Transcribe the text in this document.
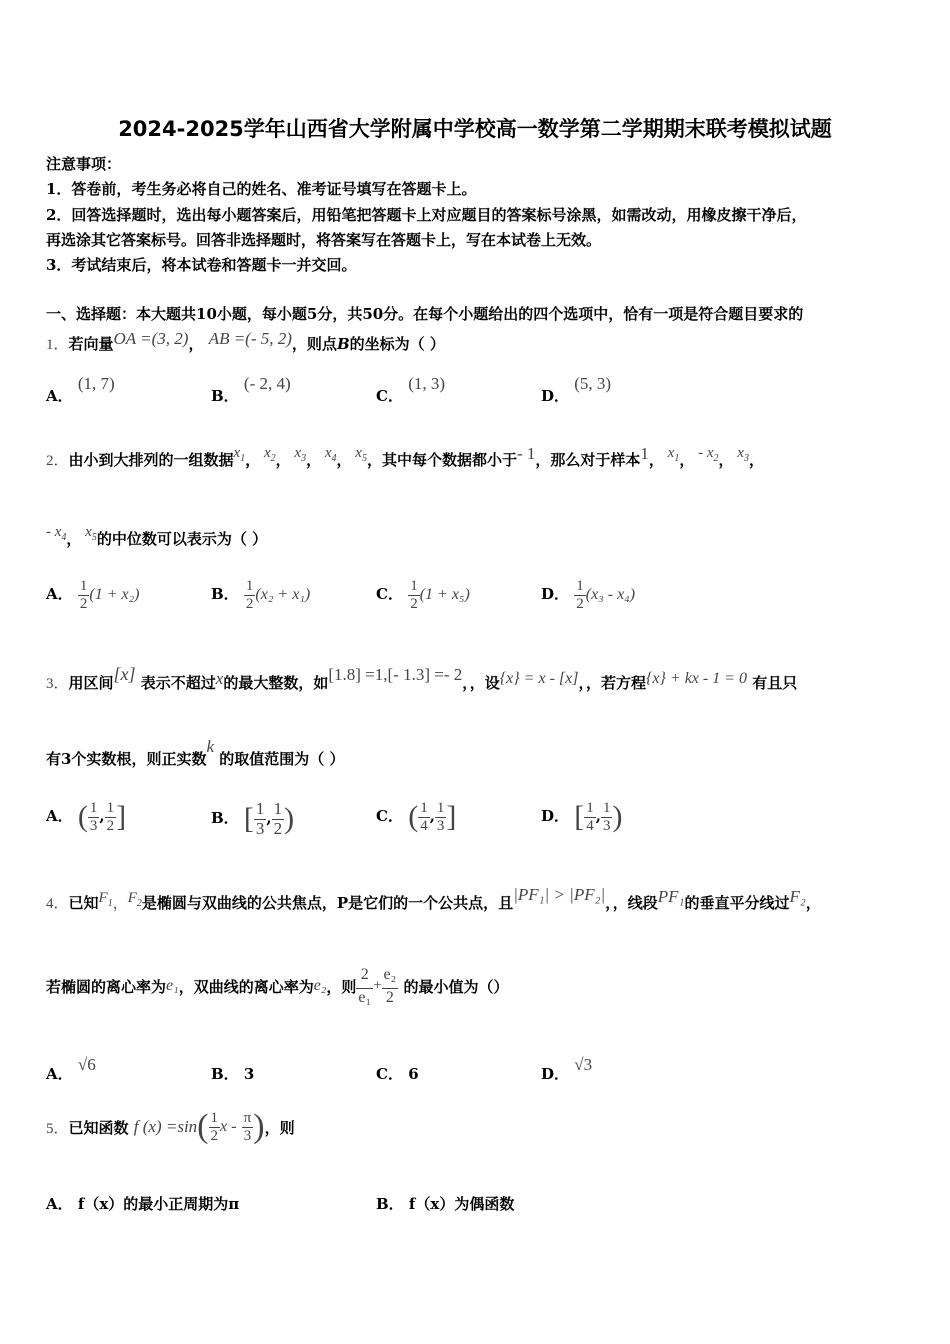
2024-2025学年山西省大学附属中学校高一数学第二学期期末联考模拟试题
注意事项：
1．答卷前，考生务必将自己的姓名、准考证号填写在答题卡上。
2．回答选择题时，选出每小题答案后，用铅笔把答题卡上对应题目的答案标号涂黑，如需改动，用橡皮擦干净后，
再选涂其它答案标号。回答非选择题时，将答案写在答题卡上，写在本试卷上无效。
3．考试结束后，将本试卷和答题卡一并交回。
一、选择题：本大题共10小题，每小题5分，共50分。在每个小题给出的四个选项中，恰有一项是符合题目要求的
1．若向量OA =(3, 2)， AB =(- 5, 2)，则点B的坐标为（ ）
A． (1, 7)
B． (- 2, 4)
C． (1, 3)
D． (5, 3)
2．由小到大排列的一组数据$x_1$， $x_2$， $x_3$， $x_4$， $x_5$，其中每个数据都小于- 1，那么对于样本1， $x_1$， - $x_2$， $x_3$，
- $x_4$， $x_5$的中位数可以表示为（ ）
A． $\frac{1}{2} (1 + x_2)$	B． $\frac{1}{2} (x_2 + x_1)$	C． $\frac{1}{2} (1 + x_5)$	D． $\frac{1}{2} (x_3 - x_4)$
3．用区间[x] 表示不超过x的最大整数，如[1.8] =1,[- 1.3] =- 2，，设{x} = x - [x]，，若方程{x} + kx - 1 = 0 有且只
有3个实数根，则正实数k 的取值范围为（ ）
A． ( $\frac{1}{3}$ , $\frac{1}{2}$ ]	B． [ $\frac{1}{3}$ , $\frac{1}{2}$ )	C． ( $\frac{1}{4}$ , $\frac{1}{3}$ ]	D． [ $\frac{1}{4}$ , $\frac{1}{3}$ )
4．已知$F_1$，$F_2$是椭圆与双曲线的公共焦点，P是它们的一个公共点，且|PF₁| > |PF₂|，，线段PF₁的垂直平分线过F₂，
若椭圆的离心率为e₁，双曲线的离心率为e₂，则 $\frac{2}{\text{e₁}} + \frac{\text{e₂}}{2}$ 的最小值为（）
A． √6	B． 3	C． 6	D． √3
5．已知函数 f $(x) =\sin( \frac{1}{2}$ x - $\frac{\pi}{3}$ )，则
A． f（x）的最小正周期为π	B． f（x）为偶函数
